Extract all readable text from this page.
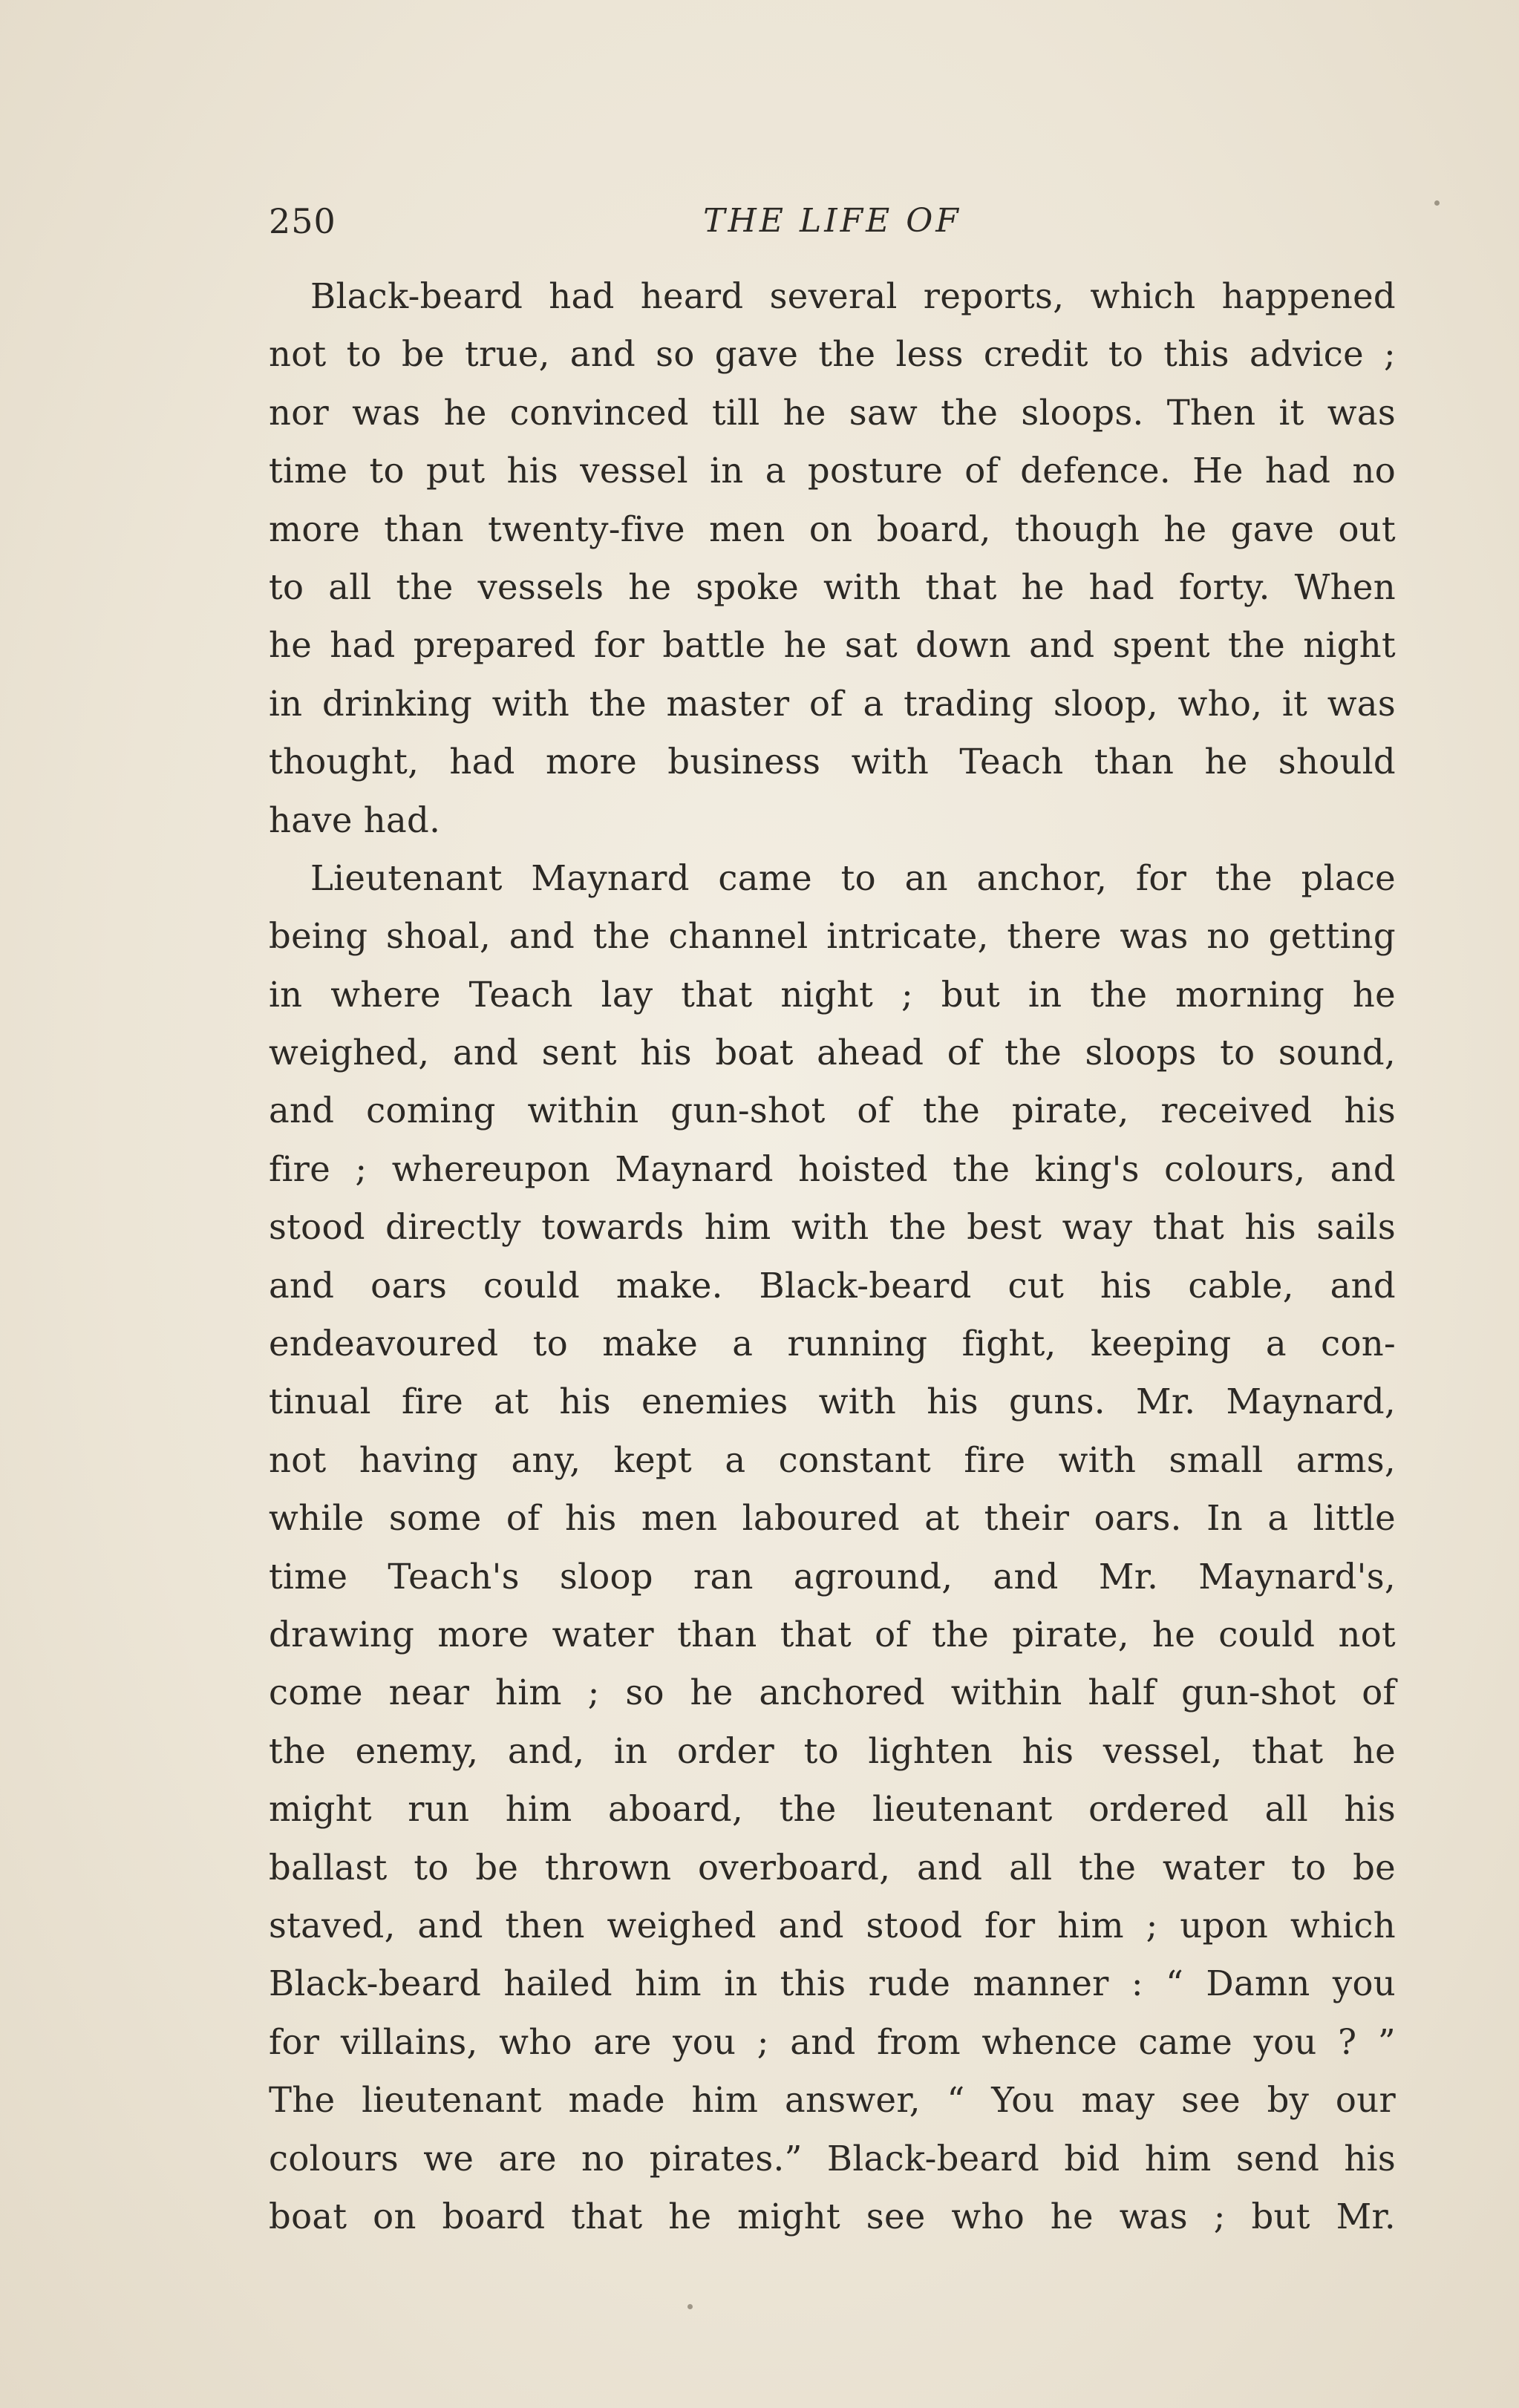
250	THE LIFE OF
Black-beard had heard several reports, which happened
not to be true, and so gave the less credit to this advice ;
nor was he convinced till he saw the sloops. Then it was
time to put his vessel in a posture of defence. He had no
more than twenty-five men on board, though he gave out
to all the vessels he spoke with that he had forty. When
he had prepared for battle he sat down and spent the night
in drinking with the master of a trading sloop, who, it was
thought, had more business with Teach than he should
have had.
Lieutenant Maynard came to an anchor, for the place
being shoal, and the channel intricate, there was no getting
in where Teach lay that night ; but in the morning he
weighed, and sent his boat ahead of the sloops to sound,
and coming within gun-shot of the pirate, received his
fire ; whereupon Maynard hoisted the king's colours, and
stood directly towards him with the best way that his sails
and oars could make. Black-beard cut his cable, and
endeavoured to make a running fight, keeping a con-
tinual fire at his enemies with his guns. Mr. Maynard,
not having any, kept a constant fire with small arms,
while some of his men laboured at their oars. In a little
time Teach's sloop ran aground, and Mr. Maynard's,
drawing more water than that of the pirate, he could not
come near him ; so he anchored within half gun-shot of
the enemy, and, in order to lighten his vessel, that he
might run him aboard, the lieutenant ordered all his
ballast to be thrown overboard, and all the water to be
staved, and then weighed and stood for him ; upon which
Black-beard hailed him in this rude manner : “ Damn you
for villains, who are you ; and from whence came you ? ”
The lieutenant made him answer, “ You may see by our
colours we are no pirates.” Black-beard bid him send his
boat on board that he might see who he was ; but Mr.
